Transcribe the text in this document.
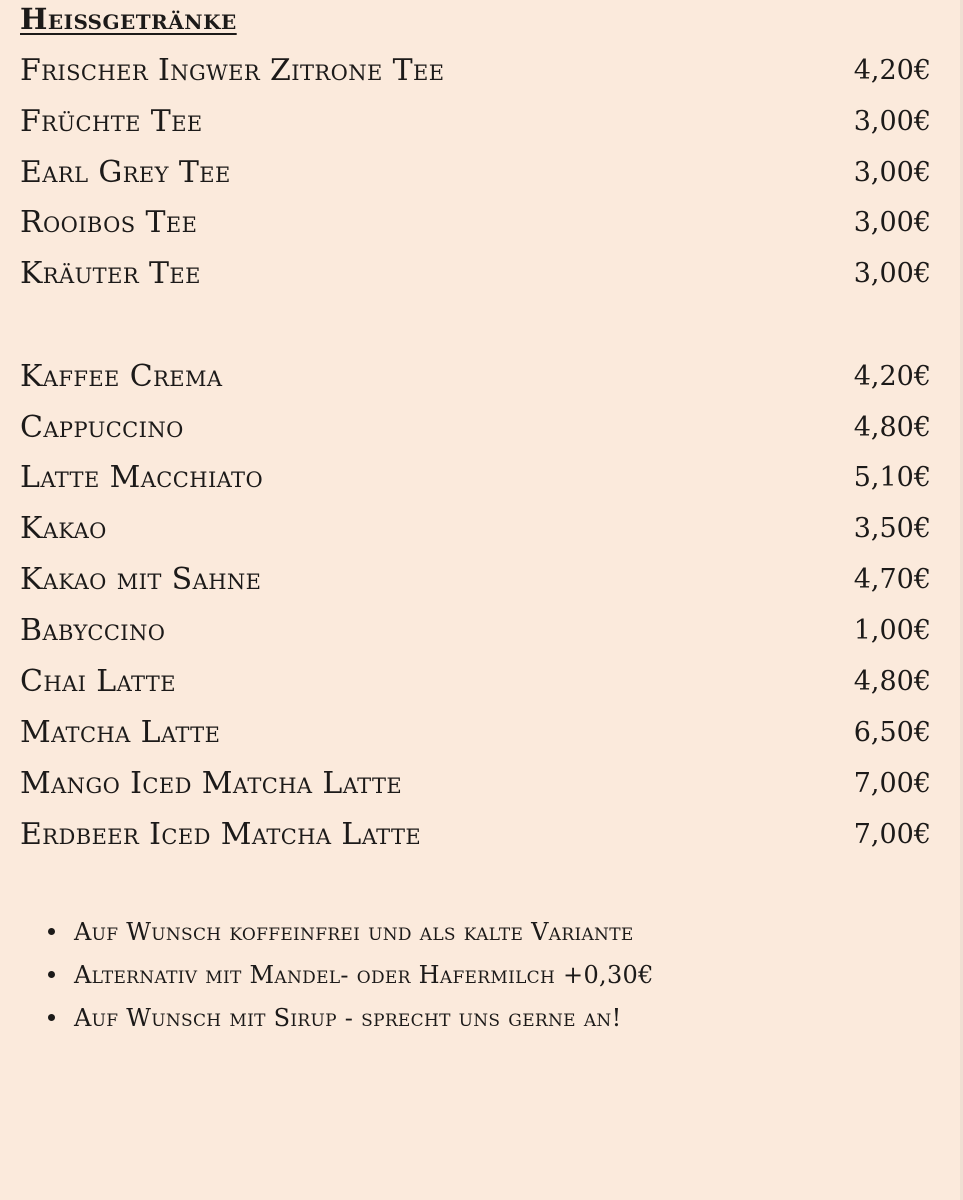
Heißgetränke
Frischer Ingwer Zitrone Tee	4,20€
Früchte Tee	3,00€
Earl Grey Tee	3,00€
Rooibos Tee	3,00€
Kräuter Tee	3,00€
Kaffee Crema	4,20€
Cappuccino	4,80€
Latte Macchiato	5,10€
Kakao	3,50€
Kakao mit Sahne	4,70€
Babyccino	1,00€
Chai Latte	4,80€
Matcha Latte	6,50€
Mango Iced Matcha Latte	7,00€
Erdbeer Iced Matcha Latte	7,00€
Auf Wunsch koffeinfrei und als kalte Variante
Alternativ mit Mandel- oder Hafermilch +0,30€
Auf Wunsch mit Sirup - sprecht uns gerne an!
